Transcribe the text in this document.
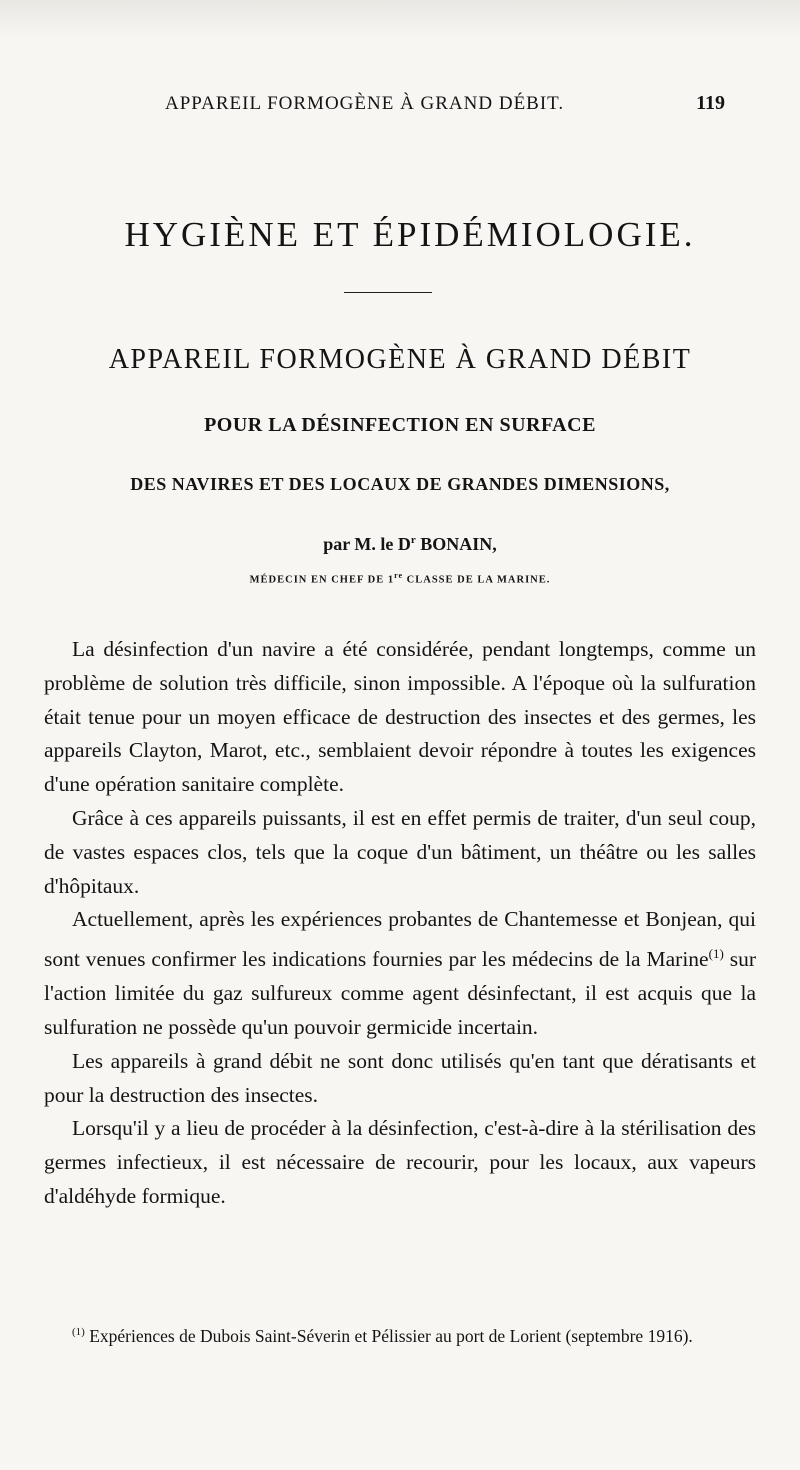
APPAREIL FORMOGÈNE À GRAND DÉBIT.	119
HYGIÈNE ET ÉPIDÉMIOLOGIE.
APPAREIL FORMOGÈNE À GRAND DÉBIT
POUR LA DÉSINFECTION EN SURFACE
DES NAVIRES ET DES LOCAUX DE GRANDES DIMENSIONS,
par M. le $D^r$ BONAIN,
MÉDECIN EN CHEF DE 1re CLASSE DE LA MARINE.

La désinfection d'un navire a été considérée, pendant longtemps, comme un problème de solution très difficile, sinon impossible. A l'époque où la sulfuration était tenue pour un moyen efficace de destruction des insectes et des germes, les appareils Clayton, Marot, etc., semblaient devoir répondre à toutes les exigences d'une opération sanitaire complète.

Grâce à ces appareils puissants, il est en effet permis de traiter, d'un seul coup, de vastes espaces clos, tels que la coque d'un bâtiment, un théâtre ou les salles d'hôpitaux.

Actuellement, après les expériences probantes de Chantemesse et Bonjean, qui sont venues confirmer les indications fournies par les médecins de la Marine$^{(1)}$ sur l'action limitée du gaz sulfureux comme agent désinfectant, il est acquis que la sulfuration ne possède qu'un pouvoir germicide incertain.

Les appareils à grand débit ne sont donc utilisés qu'en tant que dératisants et pour la destruction des insectes.

Lorsqu'il y a lieu de procéder à la désinfection, c'est-à-dire à la stérilisation des germes infectieux, il est nécessaire de recourir, pour les locaux, aux vapeurs d'aldéhyde formique.

$^{(1)}$ Expériences de Dubois Saint-Séverin et Pélissier au port de Lorient (septembre 1916).
